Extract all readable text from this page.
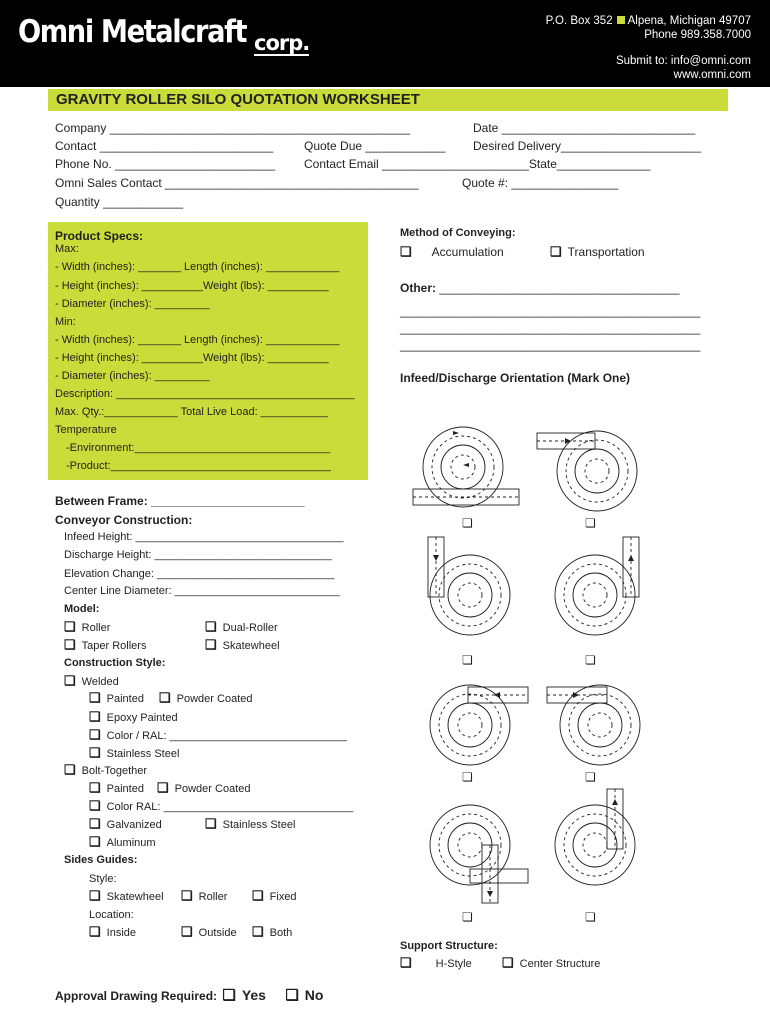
Omni Metalcraft corp.
P.O. Box 352 Alpena, Michigan 49707
Phone 989.358.7000
Submit to: info@omni.com
www.omni.com
GRAVITY ROLLER SILO QUOTATION WORKSHEET
Company _____________________________________________	Date _____________________________
Contact __________________________	Quote Due ____________ Desired Delivery_____________________
Phone No. ________________________ Contact Email ______________________State______________
Omni Sales Contact ______________________________________	Quote #: ________________
Quantity ____________
Product Specs:
Max:
- Width (inches): _______ Length (inches): ____________
- Height (inches): __________Weight (lbs): __________
- Diameter (inches): _________
Min:
- Width (inches): _______ Length (inches): ____________
- Height (inches): __________Weight (lbs): __________
- Diameter (inches): _________
Description: _______________________________________
Max. Qty.:____________ Total Live Load: ___________
Temperature
-Environment:________________________________
-Product:____________________________________
Method of Conveying:
❏ Accumulation	❏ Transportation
Other: ____________________________________
_____________________________________________
_____________________________________________
_____________________________________________
Infeed/Discharge Orientation (Mark One)
❏	❏
❏	❏
❏	❏
❏	❏
Between Frame: _______________________
Conveyor Construction:
Infeed Height: __________________________________
Discharge Height: _____________________________
Elevation Change: _____________________________
Center Line Diameter: ___________________________
Model:
❏ Roller	❏ Dual-Roller
❏ Taper Rollers	❏ Skatewheel
Construction Style:
❏ Welded
❏ Painted ❏ Powder Coated
❏ Epoxy Painted
❏ Color / RAL: _____________________________
❏ Stainless Steel
❏ Bolt-Together
❏ Painted ❏ Powder Coated
❏ Color RAL: _______________________________
❏ Galvanized	❏ Stainless Steel
❏ Aluminum
Sides Guides:
Style:
❏ Skatewheel ❏ Roller ❏ Fixed
Location:
❏ Inside	❏ Outside ❏ Both
Support Structure:
❏ H-Style ❏ Center Structure
Approval Drawing Required: ❏ Yes ❏ No
